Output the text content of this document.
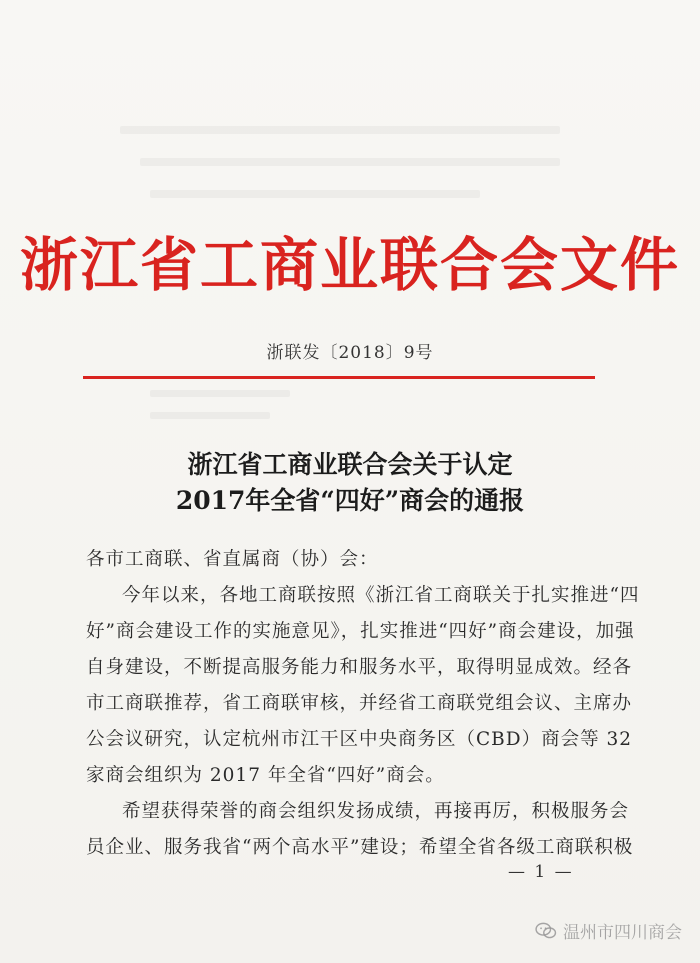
浙江省工商业联合会文件
浙联发〔2018〕9号
浙江省工商业联合会关于认定
2017年全省“四好”商会的通报
各市工商联、省直属商（协）会：
今年以来，各地工商联按照《浙江省工商联关于扎实推进“四
好”商会建设工作的实施意见》，扎实推进“四好”商会建设，加强
自身建设，不断提高服务能力和服务水平，取得明显成效。经各
市工商联推荐，省工商联审核，并经省工商联党组会议、主席办
公会议研究，认定杭州市江干区中央商务区（CBD）商会等 32
家商会组织为 2017 年全省“四好”商会。
希望获得荣誉的商会组织发扬成绩，再接再厉，积极服务会
员企业、服务我省“两个高水平”建设；希望全省各级工商联积极
— 1 —
温州市四川商会
